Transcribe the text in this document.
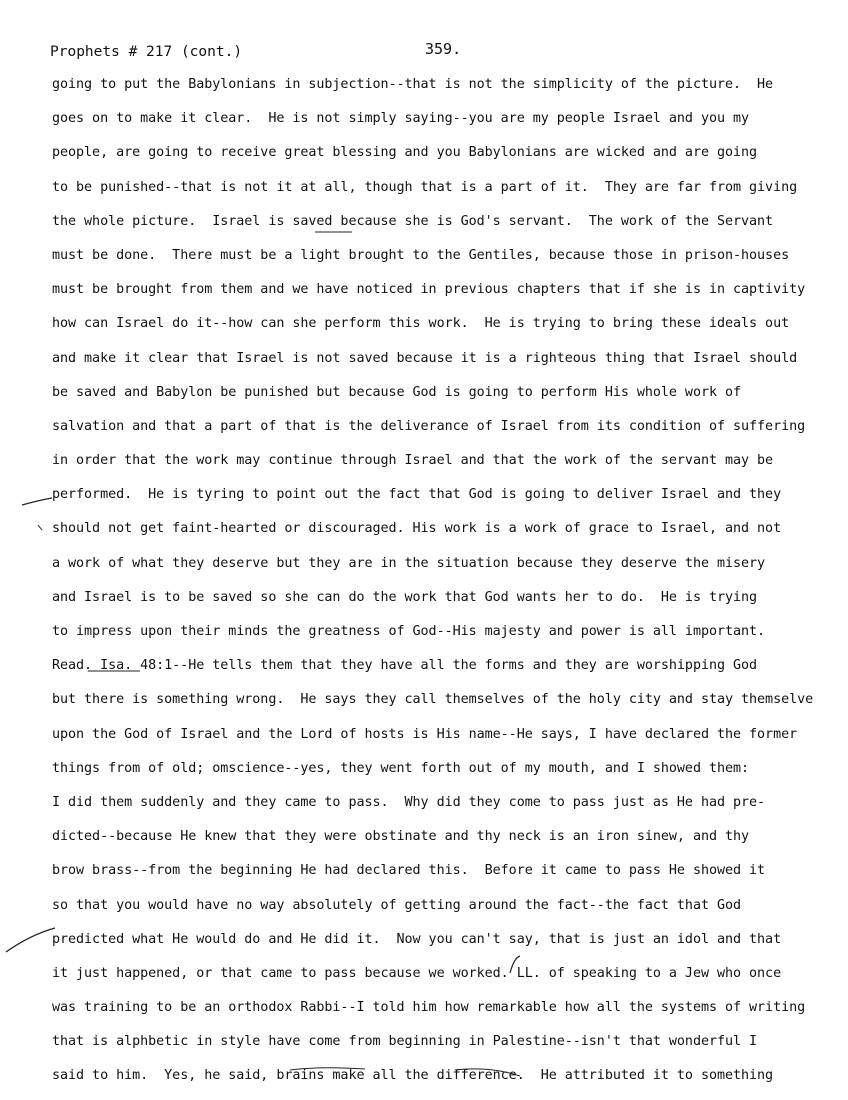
Prophets # 217 (cont.)	359.
going to put the Babylonians in subjection--that is not the simplicity of the picture.  He
goes on to make it clear.  He is not simply saying--you are my people Israel and you my
people, are going to receive great blessing and you Babylonians are wicked and are going
to be punished--that is not it at all, though that is a part of it.  They are far from giving
the whole picture.  Israel is saved because she is God's servant.  The work of the Servant
must be done.  There must be a light brought to the Gentiles, because those in prison-houses
must be brought from them and we have noticed in previous chapters that if she is in captivity
how can Israel do it--how can she perform this work.  He is trying to bring these ideals out
and make it clear that Israel is not saved because it is a righteous thing that Israel should
be saved and Babylon be punished but because God is going to perform His whole work of
salvation and that a part of that is the deliverance of Israel from its condition of suffering
in order that the work may continue through Israel and that the work of the servant may be
performed.  He is tyring to point out the fact that God is going to deliver Israel and they
should not get faint-hearted or discouraged. His work is a work of grace to Israel, and not
a work of what they deserve but they are in the situation because they deserve the misery
and Israel is to be saved so she can do the work that God wants her to do.  He is trying
to impress upon their minds the greatness of God--His majesty and power is all important.
Read. Isa. 48:1--He tells them that they have all the forms and they are worshipping God
but there is something wrong.  He says they call themselves of the holy city and stay themselve
upon the God of Israel and the Lord of hosts is His name--He says, I have declared the former
things from of old; omscience--yes, they went forth out of my mouth, and I showed them:
I did them suddenly and they came to pass.  Why did they come to pass just as He had pre-
dicted--because He knew that they were obstinate and thy neck is an iron sinew, and thy
brow brass--from the beginning He had declared this.  Before it came to pass He showed it
so that you would have no way absolutely of getting around the fact--the fact that God
predicted what He would do and He did it.  Now you can't say, that is just an idol and that
it just happened, or that came to pass because we worked. LL. of speaking to a Jew who once
was training to be an orthodox Rabbi--I told him how remarkable how all the systems of writing
that is alphbetic in style have come from beginning in Palestine--isn't that wonderful I
said to him.  Yes, he said, brains make all the difference.  He attributed it to something
